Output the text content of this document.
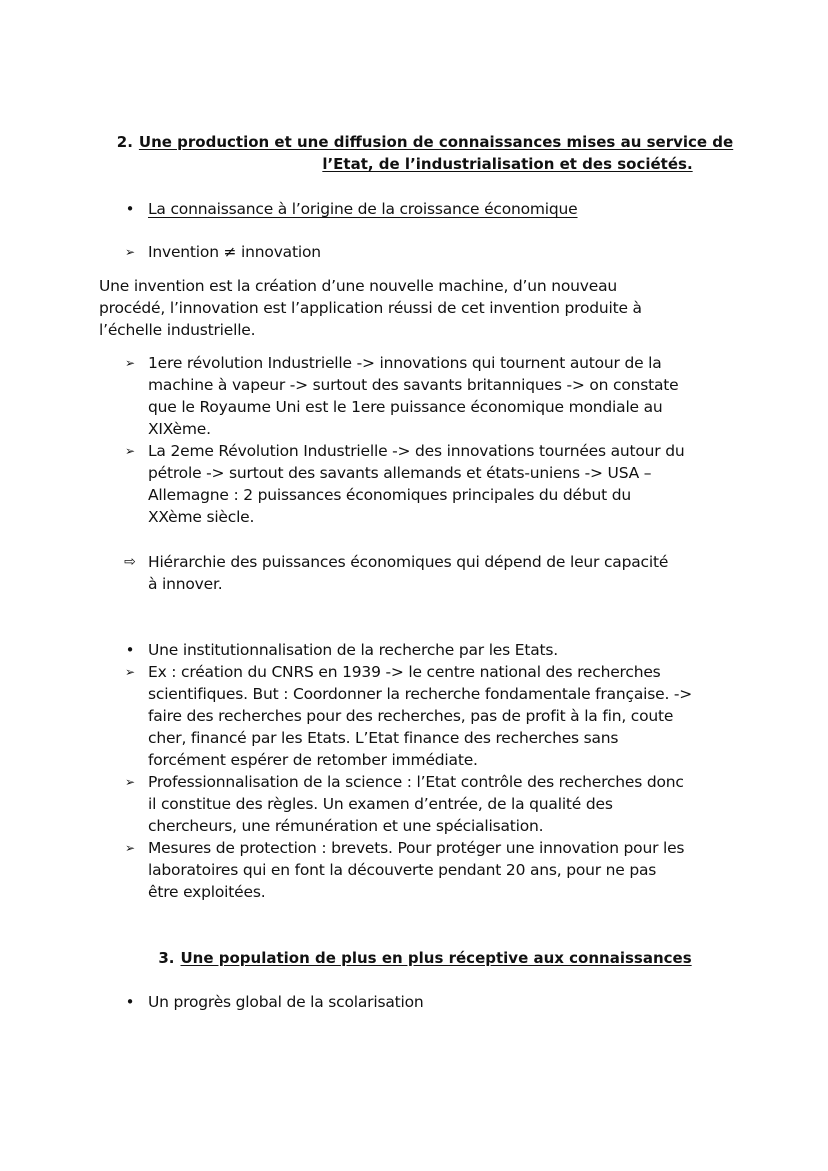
2. Une production et une diffusion de connaissances mises au service de
l’Etat, de l’industrialisation et des sociétés.
• La connaissance à l’origine de la croissance économique
➢ Invention ≠ innovation
Une invention est la création d’une nouvelle machine, d’un nouveau
procédé, l’innovation est l’application réussi de cet invention produite à
l’échelle industrielle.
➢ 1ere révolution Industrielle -> innovations qui tournent autour de la
machine à vapeur -> surtout des savants britanniques -> on constate
que le Royaume Uni est le 1ere puissance économique mondiale au
XIXème.
➢ La 2eme Révolution Industrielle -> des innovations tournées autour du
pétrole -> surtout des savants allemands et états-uniens -> USA –
Allemagne : 2 puissances économiques principales du début du
XXème siècle.
⇨ Hiérarchie des puissances économiques qui dépend de leur capacité
à innover.
• Une institutionnalisation de la recherche par les Etats.
➢ Ex : création du CNRS en 1939 -> le centre national des recherches
scientifiques. But : Coordonner la recherche fondamentale française. ->
faire des recherches pour des recherches, pas de profit à la fin, coute
cher, financé par les Etats. L’Etat finance des recherches sans
forcément espérer de retomber immédiate.
➢ Professionnalisation de la science : l’Etat contrôle des recherches donc
il constitue des règles. Un examen d’entrée, de la qualité des
chercheurs, une rémunération et une spécialisation.
➢ Mesures de protection : brevets. Pour protéger une innovation pour les
laboratoires qui en font la découverte pendant 20 ans, pour ne pas
être exploitées.
3. Une population de plus en plus réceptive aux connaissances
• Un progrès global de la scolarisation
